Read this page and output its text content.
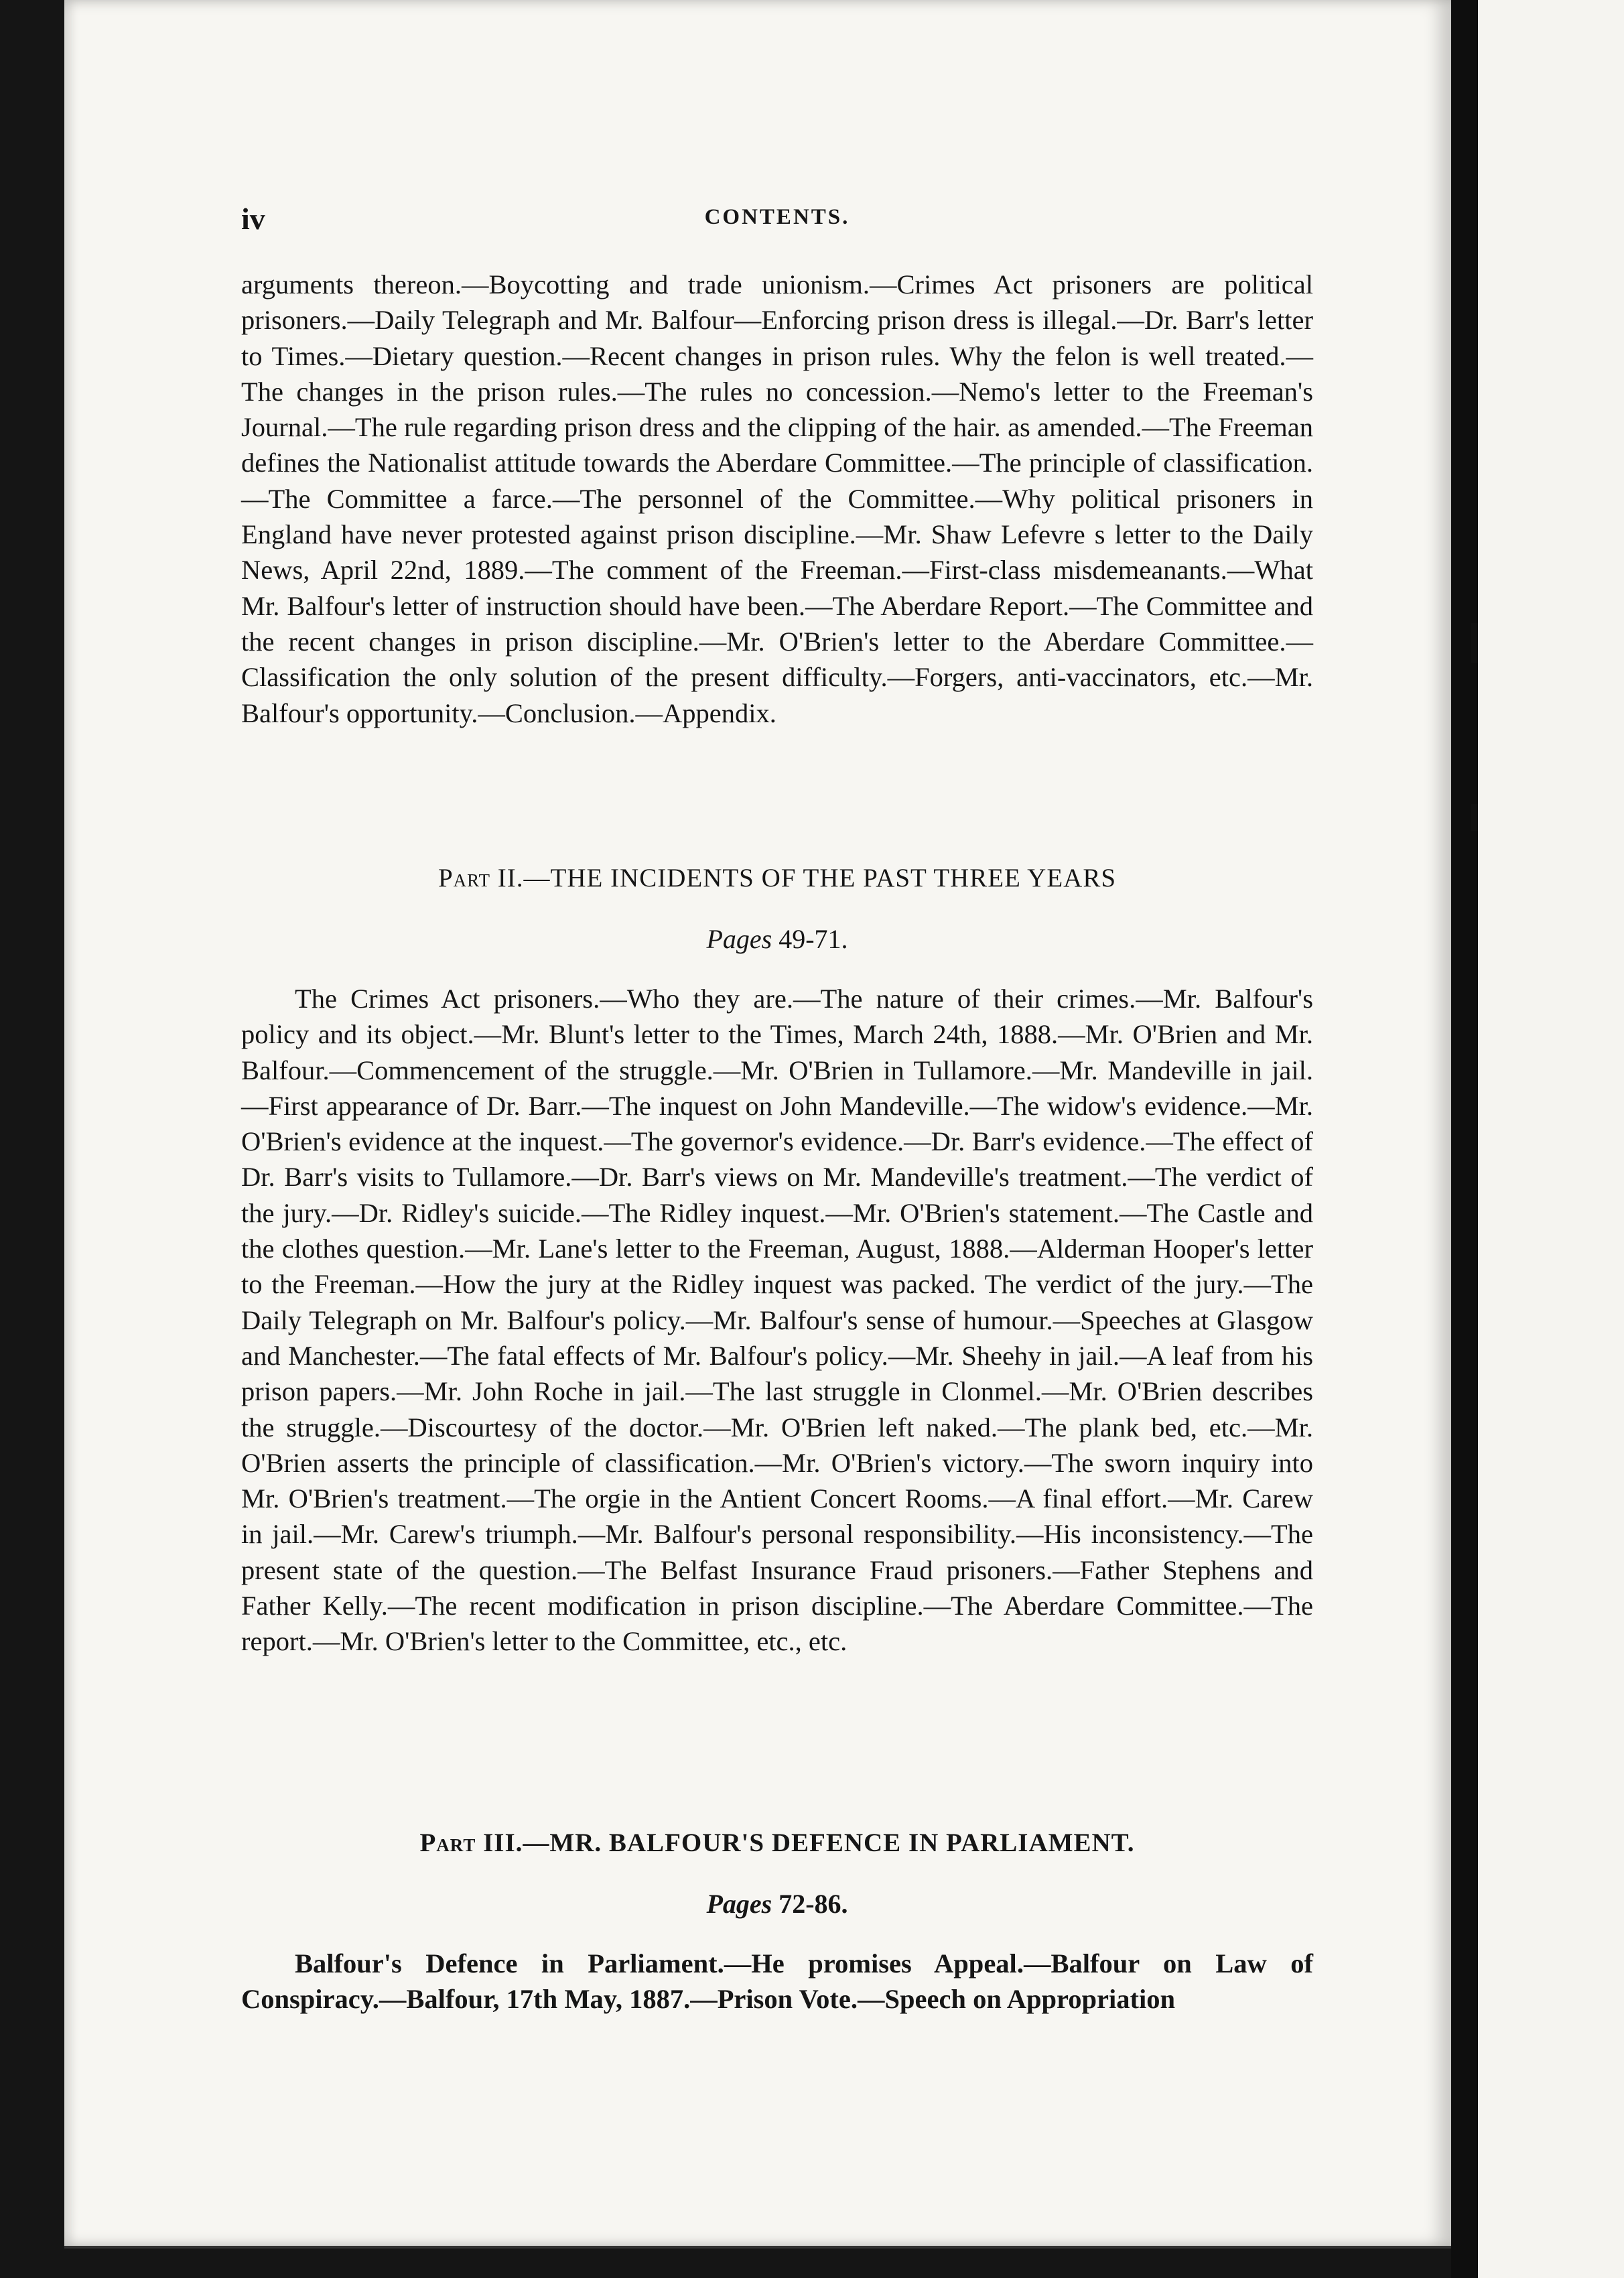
iv	CONTENTS.
arguments thereon.—Boycotting and trade unionism.—Crimes Act prisoners are political prisoners.—Daily Telegraph and Mr. Balfour—Enforcing prison dress is illegal.—Dr. Barr's letter to Times.—Dietary question.—Recent changes in prison rules. Why the felon is well treated.—The changes in the prison rules.—The rules no concession.—Nemo's letter to the Freeman's Journal.—The rule regarding prison dress and the clipping of the hair. as amended.—The Freeman defines the Nationalist attitude towards the Aberdare Committee.—The principle of classification.—The Committee a farce.—The personnel of the Committee.—Why political prisoners in England have never protested against prison discipline.—Mr. Shaw Lefevre s letter to the Daily News, April 22nd, 1889.—The comment of the Freeman.—First-class misdemeanants.—What Mr. Balfour's letter of instruction should have been.—The Aberdare Report.—The Committee and the recent changes in prison discipline.—Mr. O'Brien's letter to the Aberdare Committee.—Classification the only solution of the present difficulty.—Forgers, anti-vaccinators, etc.—Mr. Balfour's opportunity.—Conclusion.—Appendix.
Part II.—THE INCIDENTS OF THE PAST THREE YEARS
Pages 49-71.
The Crimes Act prisoners.—Who they are.—The nature of their crimes.—Mr. Balfour's policy and its object.—Mr. Blunt's letter to the Times, March 24th, 1888.—Mr. O'Brien and Mr. Balfour.—Commencement of the struggle.—Mr. O'Brien in Tullamore.—Mr. Mandeville in jail.—First appearance of Dr. Barr.—The inquest on John Mandeville.—The widow's evidence.—Mr. O'Brien's evidence at the inquest.—The governor's evidence.—Dr. Barr's evidence.—The effect of Dr. Barr's visits to Tullamore.—Dr. Barr's views on Mr. Mandeville's treatment.—The verdict of the jury.—Dr. Ridley's suicide.—The Ridley inquest.—Mr. O'Brien's statement.—The Castle and the clothes question.—Mr. Lane's letter to the Freeman, August, 1888.—Alderman Hooper's letter to the Freeman.—How the jury at the Ridley inquest was packed. The verdict of the jury.—The Daily Telegraph on Mr. Balfour's policy.—Mr. Balfour's sense of humour.—Speeches at Glasgow and Manchester.—The fatal effects of Mr. Balfour's policy.—Mr. Sheehy in jail.—A leaf from his prison papers.—Mr. John Roche in jail.—The last struggle in Clonmel.—Mr. O'Brien describes the struggle.—Discourtesy of the doctor.—Mr. O'Brien left naked.—The plank bed, etc.—Mr. O'Brien asserts the principle of classification.—Mr. O'Brien's victory.—The sworn inquiry into Mr. O'Brien's treatment.—The orgie in the Antient Concert Rooms.—A final effort.—Mr. Carew in jail.—Mr. Carew's triumph.—Mr. Balfour's personal responsibility.—His inconsistency.—The present state of the question.—The Belfast Insurance Fraud prisoners.—Father Stephens and Father Kelly.—The recent modification in prison discipline.—The Aberdare Committee.—The report.—Mr. O'Brien's letter to the Committee, etc., etc.
Part III.—MR. BALFOUR'S DEFENCE IN PARLIAMENT.
Pages 72-86.
Balfour's Defence in Parliament.—He promises Appeal.—Balfour on Law of Conspiracy.—Balfour, 17th May, 1887.—Prison Vote.—Speech on Appropriation
